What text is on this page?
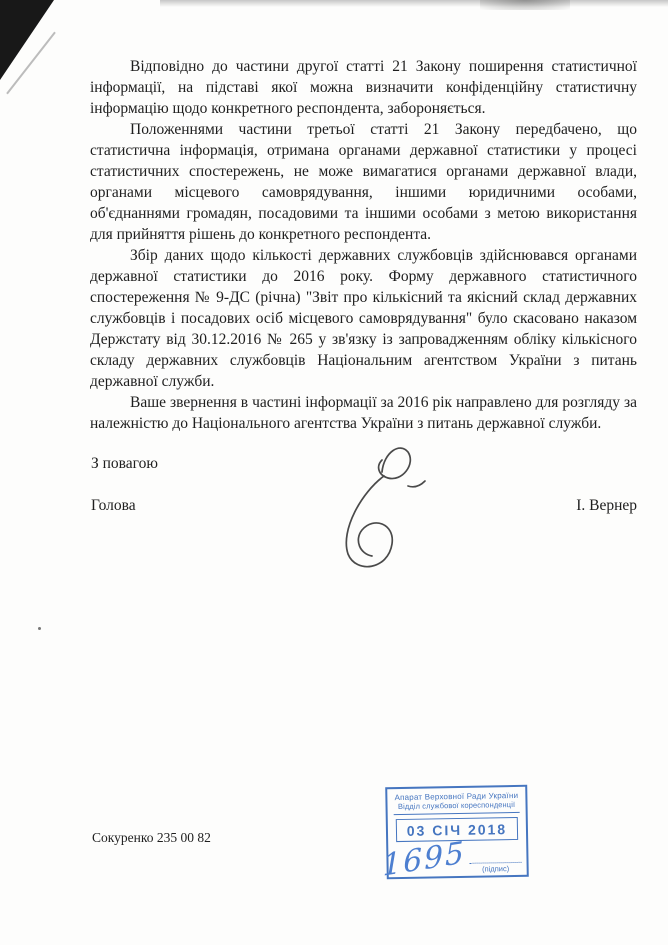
Відповідно до частини другої статті 21 Закону поширення статистичної інформації, на підставі якої можна визначити конфіденційну статистичну інформацію щодо конкретного респондента, забороняється.

Положеннями частини третьої статті 21 Закону передбачено, що статистична інформація, отримана органами державної статистики у процесі статистичних спостережень, не може вимагатися органами державної влади, органами місцевого самоврядування, іншими юридичними особами, об'єднаннями громадян, посадовими та іншими особами з метою використання для прийняття рішень до конкретного респондента.

Збір даних щодо кількості державних службовців здійснювався органами державної статистики до 2016 року. Форму державного статистичного спостереження № 9-ДС (річна) "Звіт про кількісний та якісний склад державних службовців і посадових осіб місцевого самоврядування" було скасовано наказом Держстату від 30.12.2016 № 265 у зв'язку із запровадженням обліку кількісного складу державних службовців Національним агентством України з питань державної служби.

Ваше звернення в частині інформації за 2016 рік направлено для розгляду за належністю до Національного агентства України з питань державної служби.

З повагою
Голова	І. Вернер
Сокуренко 235 00 82
Апарат Верховної Ради України
Відділ службової кореспонденції
03 СІЧ 2018
(підпис)
1695
